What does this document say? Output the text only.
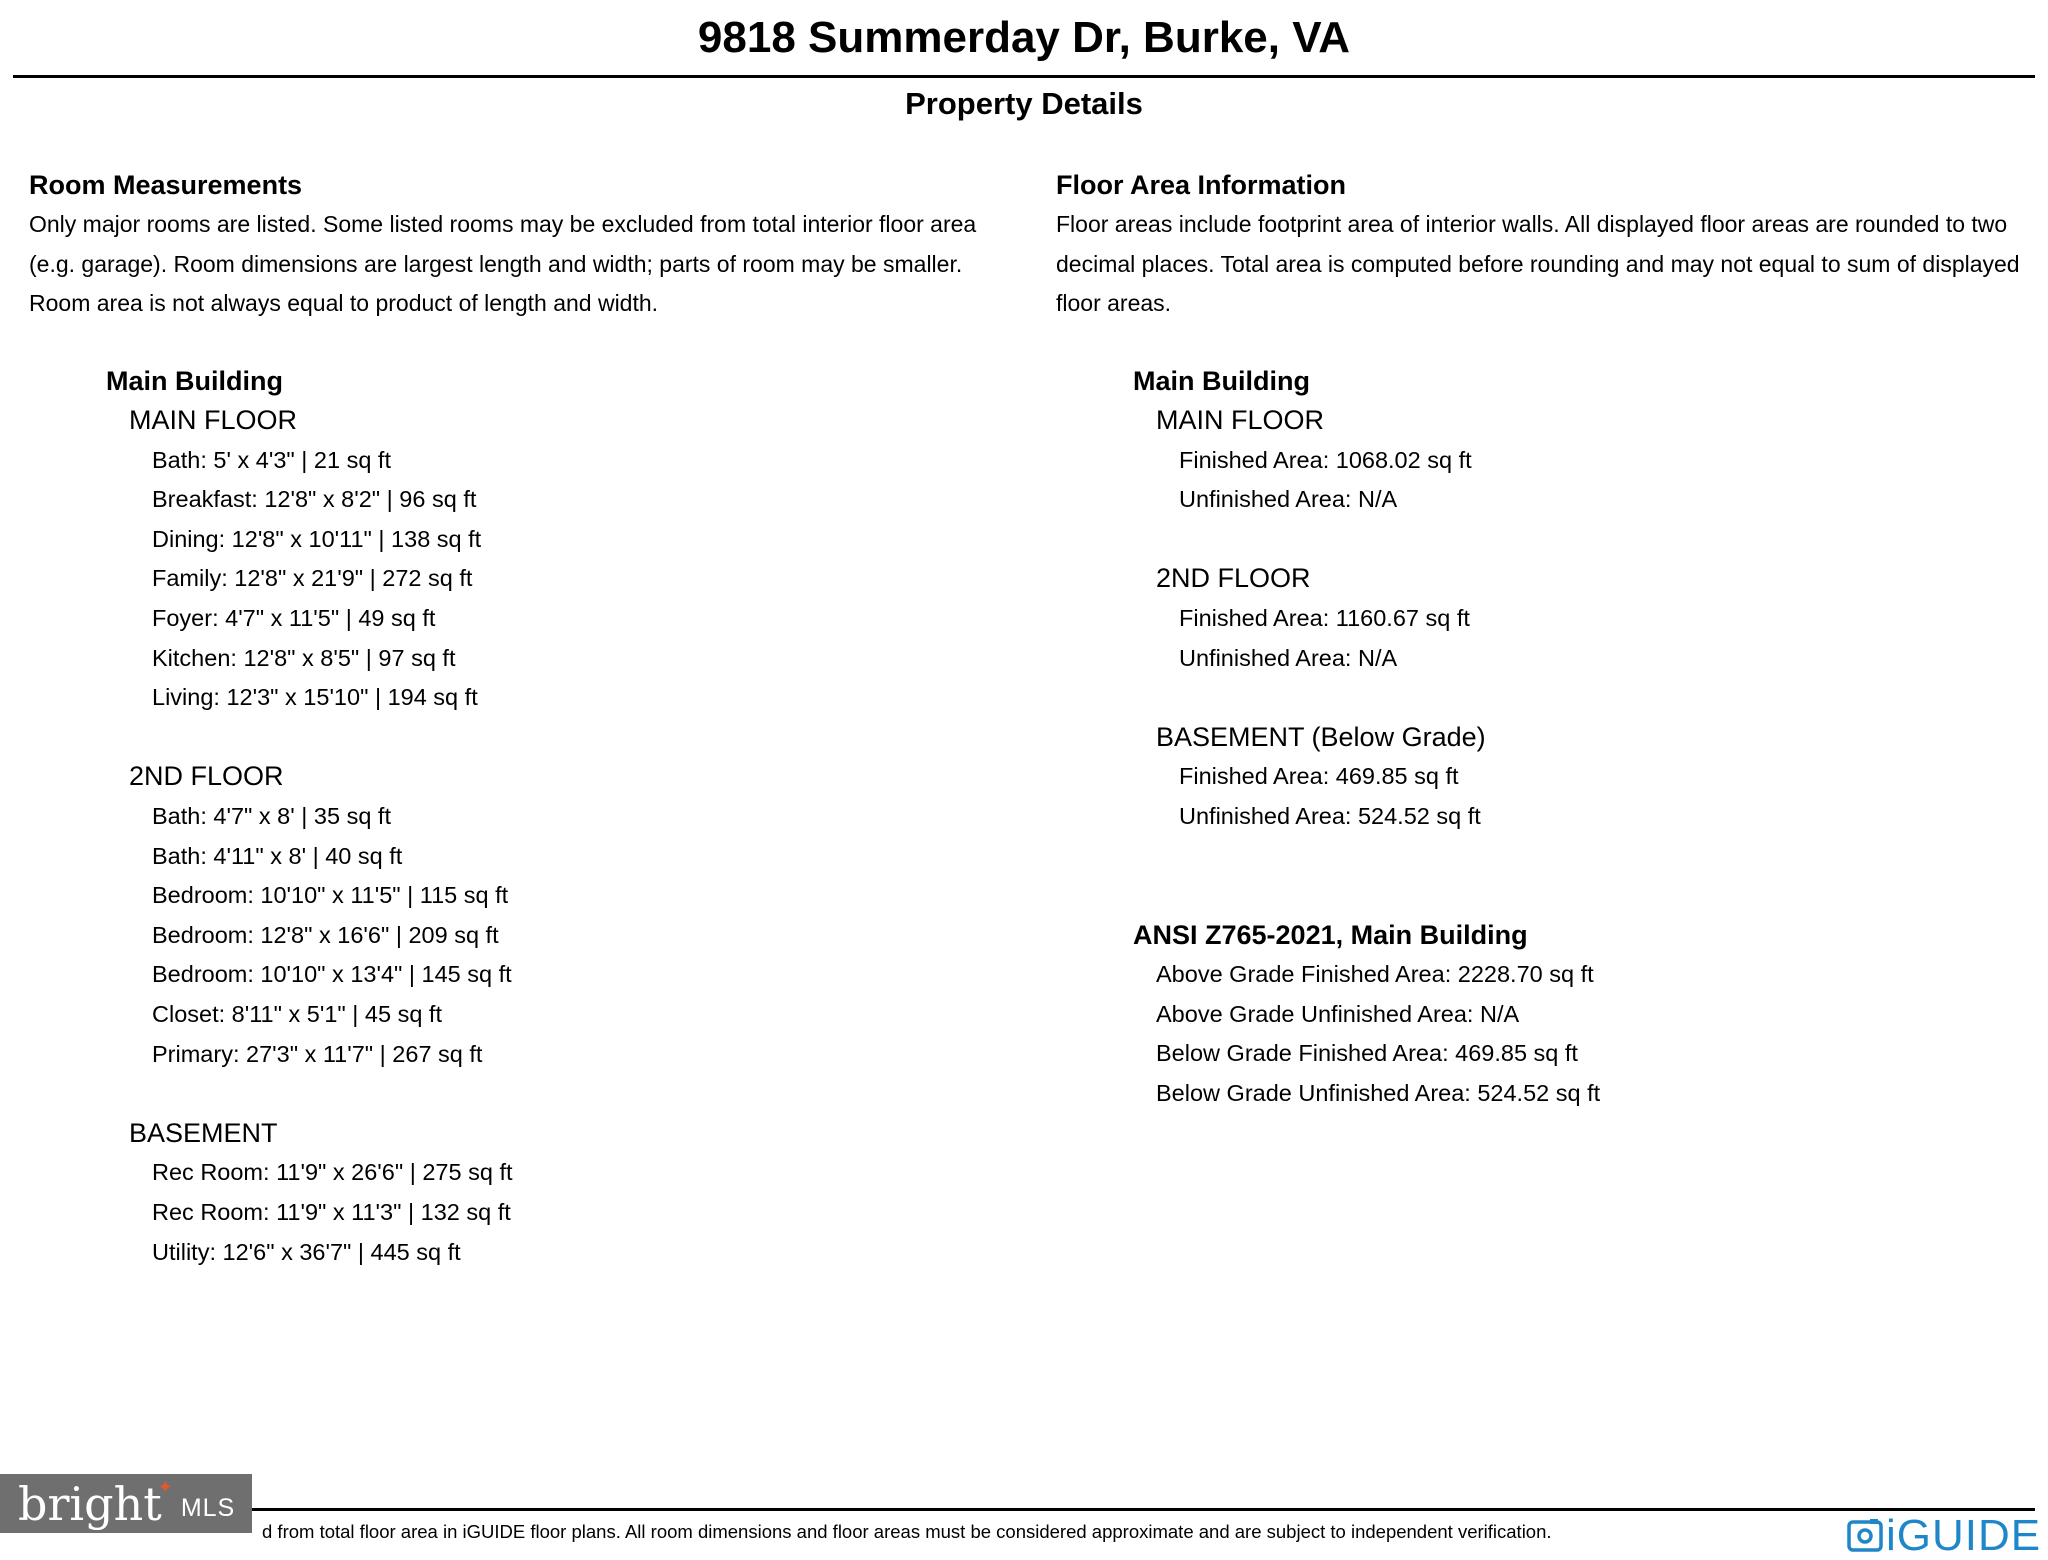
9818 Summerday Dr, Burke, VA
Property Details
Room Measurements
Only major rooms are listed. Some listed rooms may be excluded from total interior floor area
(e.g. garage). Room dimensions are largest length and width; parts of room may be smaller.
Room area is not always equal to product of length and width.
Main Building
MAIN FLOOR
Bath: 5' x 4'3" | 21 sq ft
Breakfast: 12'8" x 8'2" | 96 sq ft
Dining: 12'8" x 10'11" | 138 sq ft
Family: 12'8" x 21'9" | 272 sq ft
Foyer: 4'7" x 11'5" | 49 sq ft
Kitchen: 12'8" x 8'5" | 97 sq ft
Living: 12'3" x 15'10" | 194 sq ft
2ND FLOOR
Bath: 4'7" x 8' | 35 sq ft
Bath: 4'11" x 8' | 40 sq ft
Bedroom: 10'10" x 11'5" | 115 sq ft
Bedroom: 12'8" x 16'6" | 209 sq ft
Bedroom: 10'10" x 13'4" | 145 sq ft
Closet: 8'11" x 5'1" | 45 sq ft
Primary: 27'3" x 11'7" | 267 sq ft
BASEMENT
Rec Room: 11'9" x 26'6" | 275 sq ft
Rec Room: 11'9" x 11'3" | 132 sq ft
Utility: 12'6" x 36'7" | 445 sq ft
Floor Area Information
Floor areas include footprint area of interior walls. All displayed floor areas are rounded to two
decimal places. Total area is computed before rounding and may not equal to sum of displayed
floor areas.
Main Building
MAIN FLOOR
Finished Area: 1068.02 sq ft
Unfinished Area: N/A
2ND FLOOR
Finished Area: 1160.67 sq ft
Unfinished Area: N/A
BASEMENT (Below Grade)
Finished Area: 469.85 sq ft
Unfinished Area: 524.52 sq ft
ANSI Z765-2021, Main Building
Above Grade Finished Area: 2228.70 sq ft
Above Grade Unfinished Area: N/A
Below Grade Finished Area: 469.85 sq ft
Below Grade Unfinished Area: 524.52 sq ft
d from total floor area in iGUIDE floor plans. All room dimensions and floor areas must be considered approximate and are subject to independent verification.
bright
✦
MLS
iGUIDE
